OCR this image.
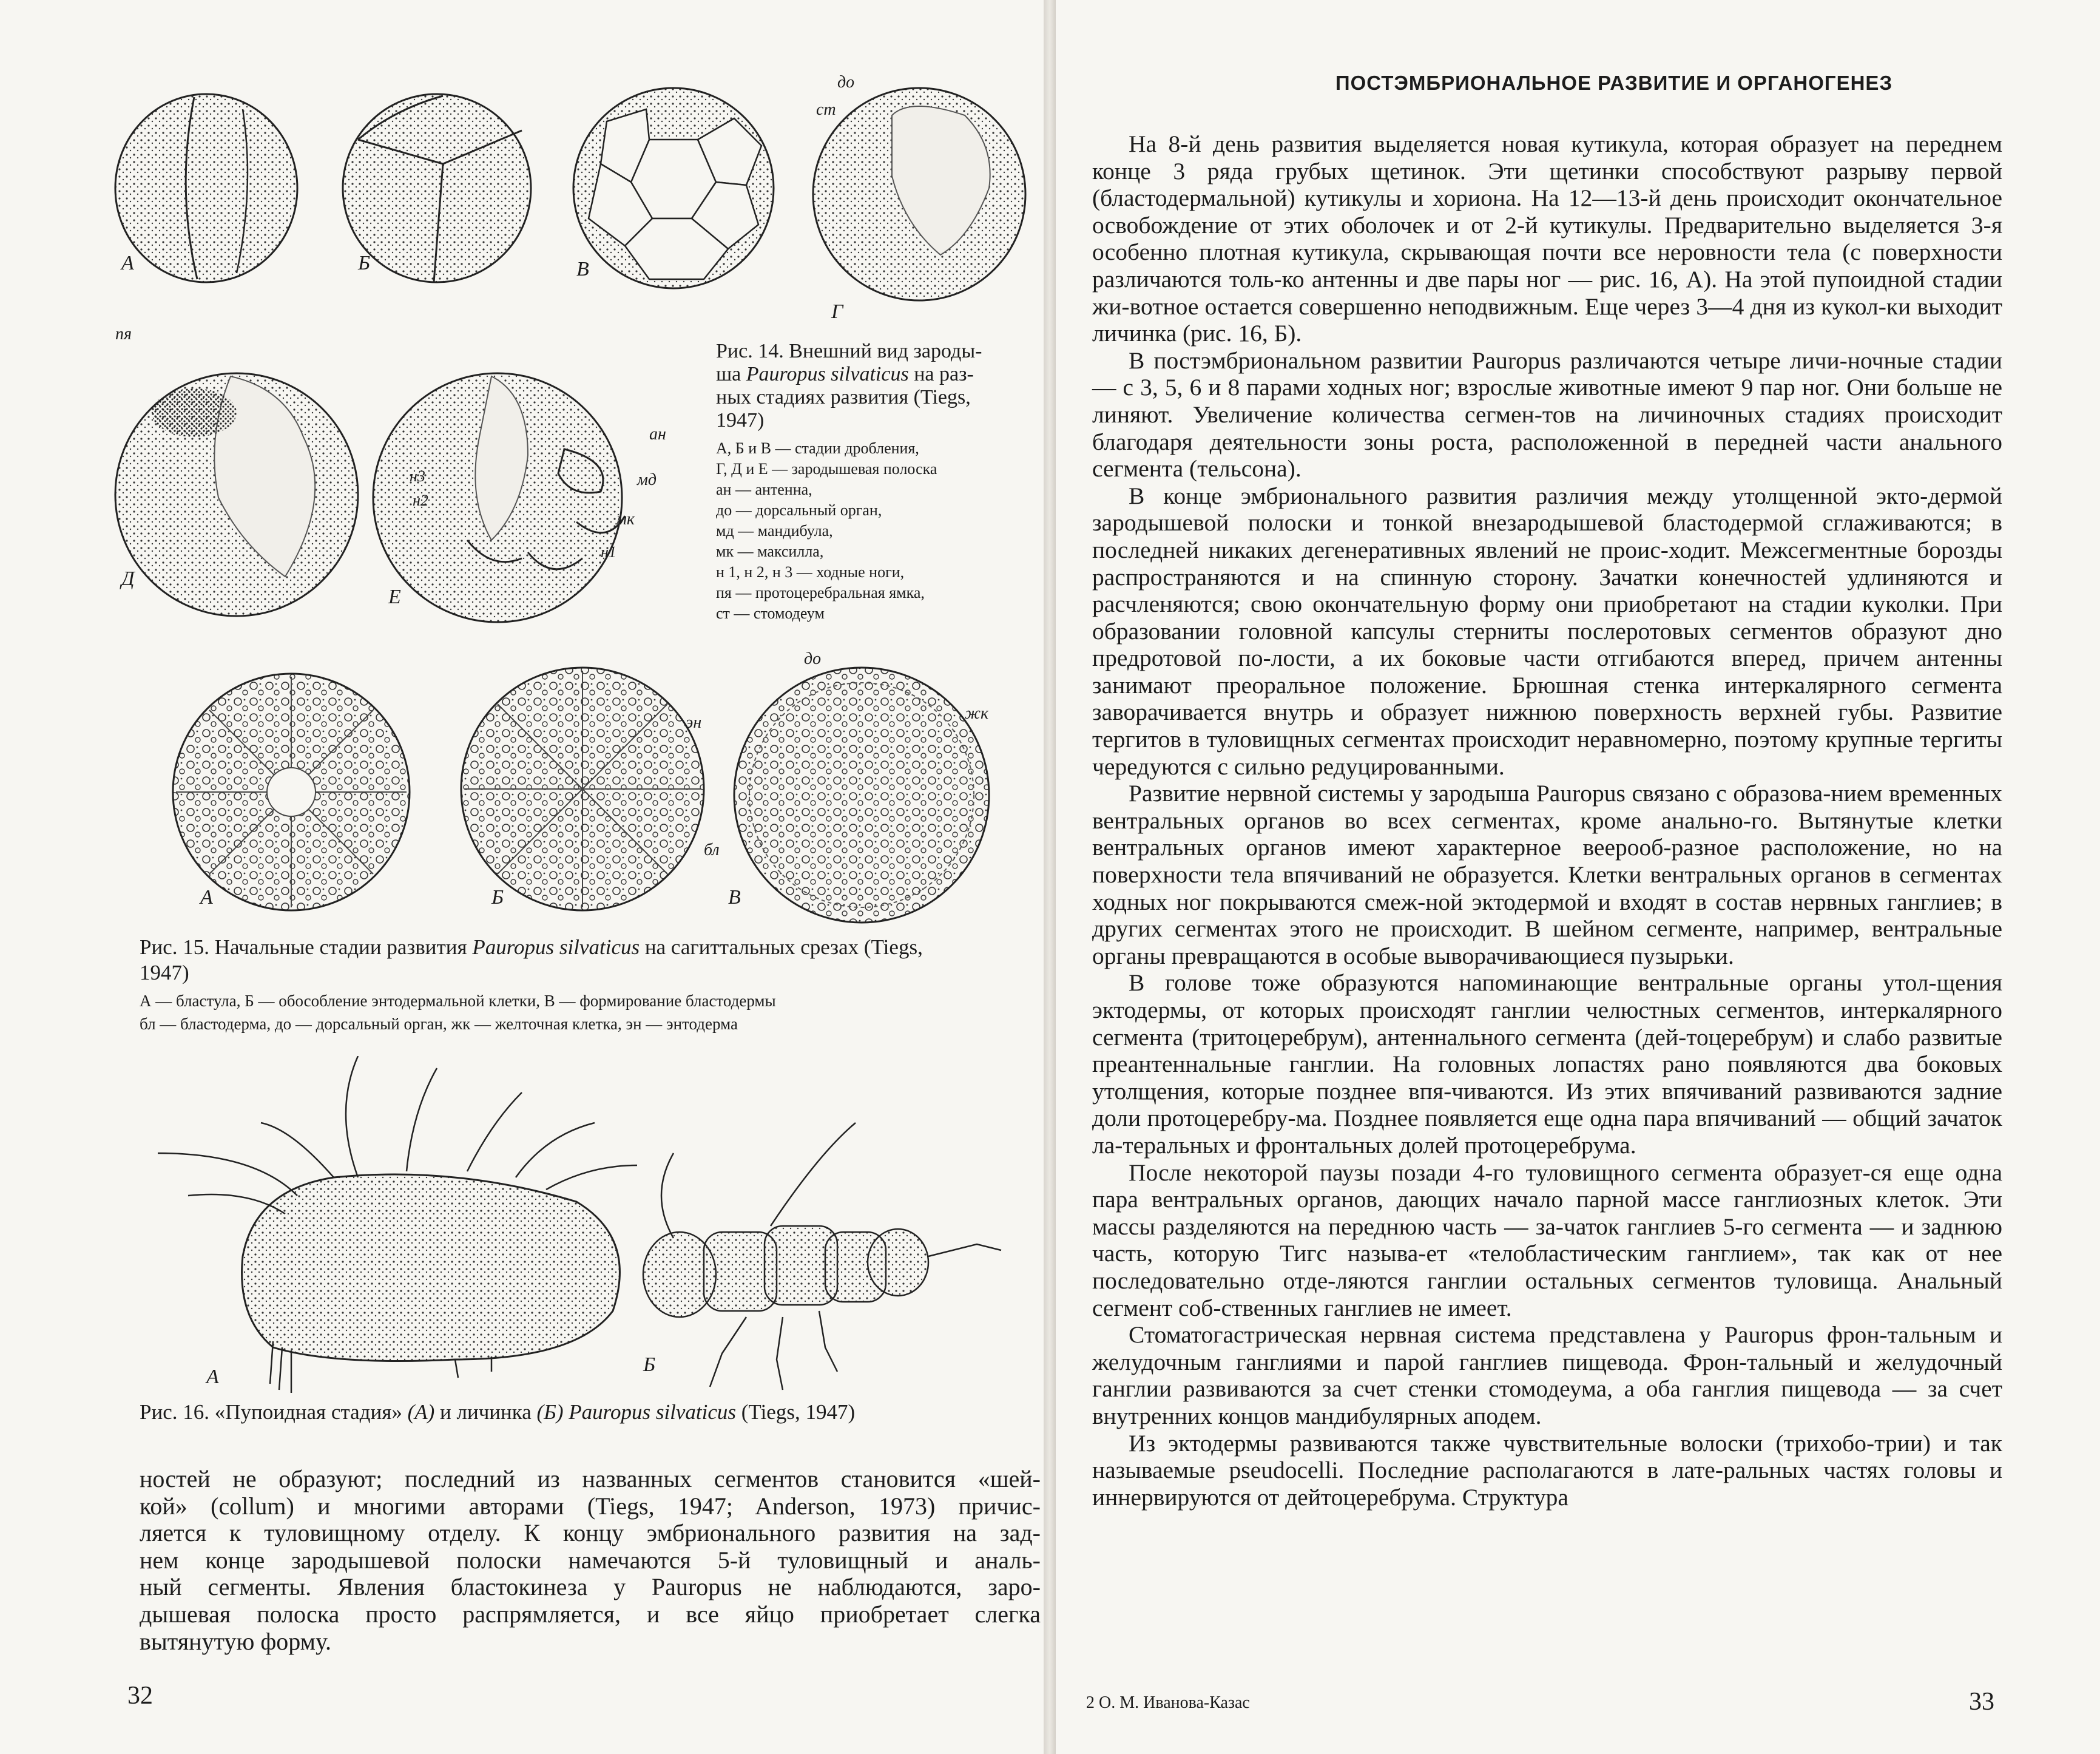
А	Б	В
Г
Д
Е
до
ст
пя
ан
мд
мк
н1
н2
н3
Рис. 14. Внешний вид зароды-
ша Pauropus silvaticus на раз-
ных стадиях развития (Tiegs,
1947)
А, Б и В — стадии дробления,
Г, Д и Е — зародышевая полоска
ан — антенна,
до — дорсальный орган,
мд — мандибула,
мк — максилла,
н 1, н 2, н 3 — ходные ноги,
пя — протоцеребральная ямка,
ст — стомодеум
А	Б	В
эн
до
жк
бл
Рис. 15. Начальные стадии развития Pauropus silvaticus на сагиттальных срезах (Tiegs,
1947)
А — бластула, Б — обособление энтодермальной клетки, В — формирование бластодермы
бл — бластодерма, до — дорсальный орган, жк — желточная клетка, эн — энтодерма
А
Б
Рис. 16. «Пупоидная стадия» (А) и личинка (Б) Pauropus silvaticus (Tiegs, 1947)
ностей не образуют; последний из названных сегментов становится «шей-
кой» (collum) и многими авторами (Tiegs, 1947; Anderson, 1973) причис-
ляется к туловищному отделу. К концу эмбрионального развития на зад-
нем конце зародышевой полоски намечаются 5-й туловищный и аналь-
ный сегменты. Явления бластокинеза у Pauropus не наблюдаются, заро-
дышевая полоска просто распрямляется, и все яйцо приобретает слегка
вытянутую форму.
32
ПОСТЭМБРИОНАЛЬНОЕ РАЗВИТИЕ И ОРГАНОГЕНЕЗ

На 8-й день развития выделяется новая кутикула, которая образует на переднем конце 3 ряда грубых щетинок. Эти щетинки способствуют разрыву первой (бластодермальной) кутикулы и хориона. На 12—13-й день происходит окончательное освобождение от этих оболочек и от 2-й кутикулы. Предварительно выделяется 3-я особенно плотная кутикула, скрывающая почти все неровности тела (с поверхности различаются толь-ко антенны и две пары ног — рис. 16, А). На этой пупоидной стадии жи-вотное остается совершенно неподвижным. Еще через 3—4 дня из кукол-ки выходит личинка (рис. 16, Б).

В постэмбриональном развитии Pauropus различаются четыре личи-ночные стадии — с 3, 5, 6 и 8 парами ходных ног; взрослые животные имеют 9 пар ног. Они больше не линяют. Увеличение количества сегмен-тов на личиночных стадиях происходит благодаря деятельности зоны роста, расположенной в передней части анального сегмента (тельсона).

В конце эмбрионального развития различия между утолщенной экто-дермой зародышевой полоски и тонкой внезародышевой бластодермой сглаживаются; в последней никаких дегенеративных явлений не проис-ходит. Межсегментные борозды распространяются и на спинную сторону. Зачатки конечностей удлиняются и расчленяются; свою окончательную форму они приобретают на стадии куколки. При образовании головной капсулы стерниты послеротовых сегментов образуют дно предротовой по-лости, а их боковые части отгибаются вперед, причем антенны занимают преоральное положение. Брюшная стенка интеркалярного сегмента заворачивается внутрь и образует нижнюю поверхность верхней губы. Развитие тергитов в туловищных сегментах происходит неравномерно, поэтому крупные тергиты чередуются с сильно редуцированными.

Развитие нервной системы у зародыша Pauropus связано с образова-нием временных вентральных органов во всех сегментах, кроме анально-го. Вытянутые клетки вентральных органов имеют характерное веерооб-разное расположение, но на поверхности тела впячиваний не образуется. Клетки вентральных органов в сегментах ходных ног покрываются смеж-ной эктодермой и входят в состав нервных ганглиев; в других сегментах этого не происходит. В шейном сегменте, например, вентральные органы превращаются в особые выворачивающиеся пузырьки.

В голове тоже образуются напоминающие вентральные органы утол-щения эктодермы, от которых происходят ганглии челюстных сегментов, интеркалярного сегмента (тритоцеребрум), антеннального сегмента (дей-тоцеребрум) и слабо развитые преантеннальные ганглии. На головных лопастях рано появляются два боковых утолщения, которые позднее впя-чиваются. Из этих впячиваний развиваются задние доли протоцеребру-ма. Позднее появляется еще одна пара впячиваний — общий зачаток ла-теральных и фронтальных долей протоцеребрума.

После некоторой паузы позади 4-го туловищного сегмента образует-ся еще одна пара вентральных органов, дающих начало парной массе ганглиозных клеток. Эти массы разделяются на переднюю часть — за-чаток ганглиев 5-го сегмента — и заднюю часть, которую Тигс называ-ет «телобластическим ганглием», так как от нее последовательно отде-ляются ганглии остальных сегментов туловища. Анальный сегмент соб-ственных ганглиев не имеет.

Стоматогастрическая нервная система представлена у Pauropus фрон-тальным и желудочным ганглиями и парой ганглиев пищевода. Фрон-тальный и желудочный ганглии развиваются за счет стенки стомодеума, а оба ганглия пищевода — за счет внутренних концов мандибулярных аподем.

Из эктодермы развиваются также чувствительные волоски (трихобо-трии) и так называемые pseudocelli. Последние располагаются в лате-ральных частях головы и иннервируются от дейтоцеребрума. Структура

2 О. М. Иванова-Казас	33
